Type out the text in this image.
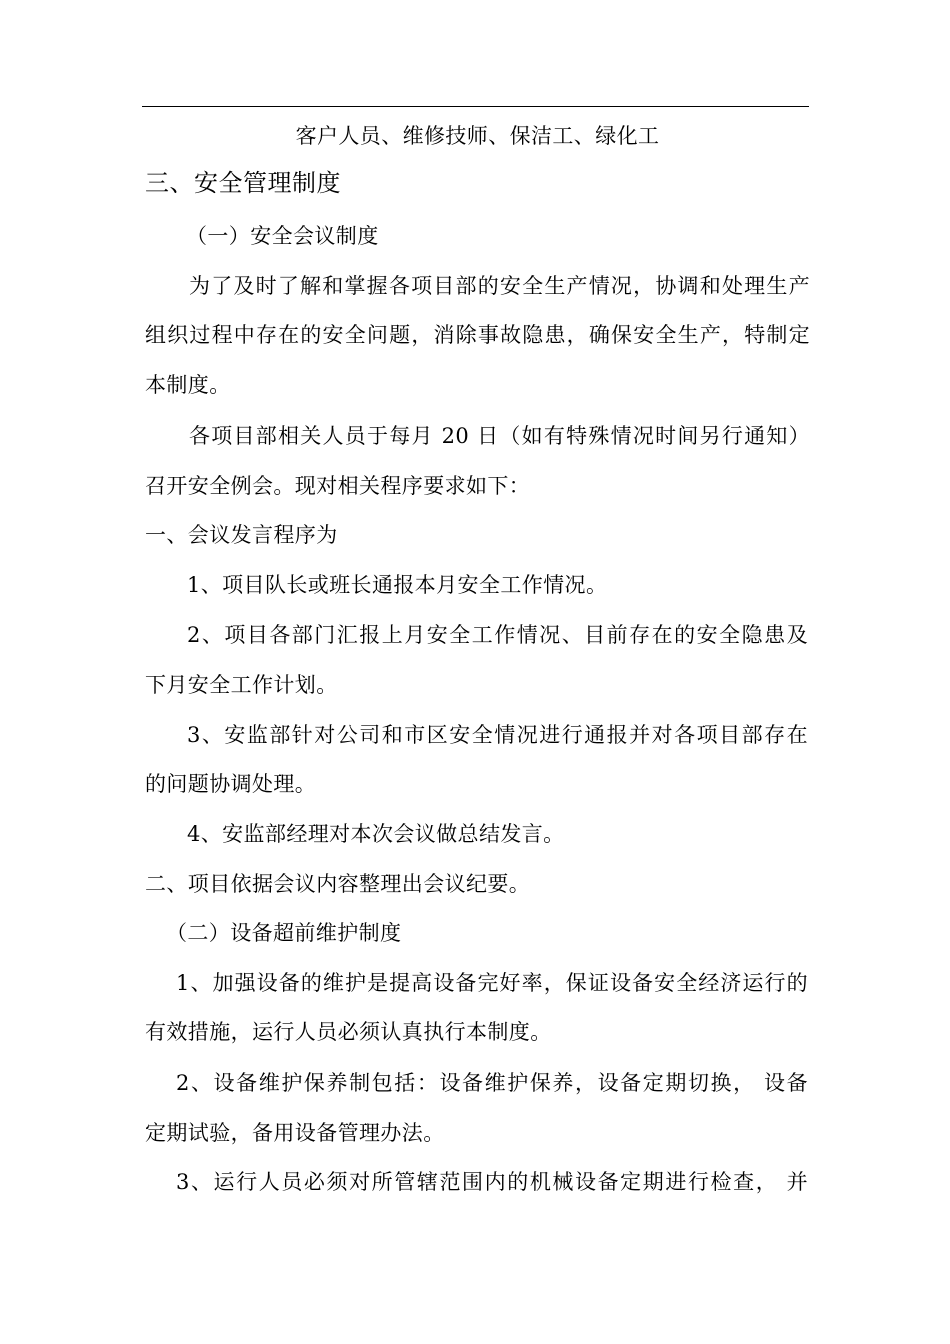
客户人员、维修技师、保洁工、绿化工
三、安全管理制度
（一）安全会议制度
为了及时了解和掌握各项目部的安全生产情况，协调和处理生产
组织过程中存在的安全问题，消除事故隐患，确保安全生产，特制定
本制度。
各项目部相关人员于每月 20 日（如有特殊情况时间另行通知）
召开安全例会。现对相关程序要求如下：
一、会议发言程序为
1、项目队长或班长通报本月安全工作情况。
2、项目各部门汇报上月安全工作情况、目前存在的安全隐患及
下月安全工作计划。
3、安监部针对公司和市区安全情况进行通报并对各项目部存在
的问题协调处理。
4、安监部经理对本次会议做总结发言。
二、项目依据会议内容整理出会议纪要。
（二）设备超前维护制度
1、加强设备的维护是提高设备完好率，保证设备安全经济运行的
有效措施，运行人员必须认真执行本制度。
2、设备维护保养制包括：设备维护保养，设备定期切换， 设备
定期试验，备用设备管理办法。
3、运行人员必须对所管辖范围内的机械设备定期进行检查， 并
